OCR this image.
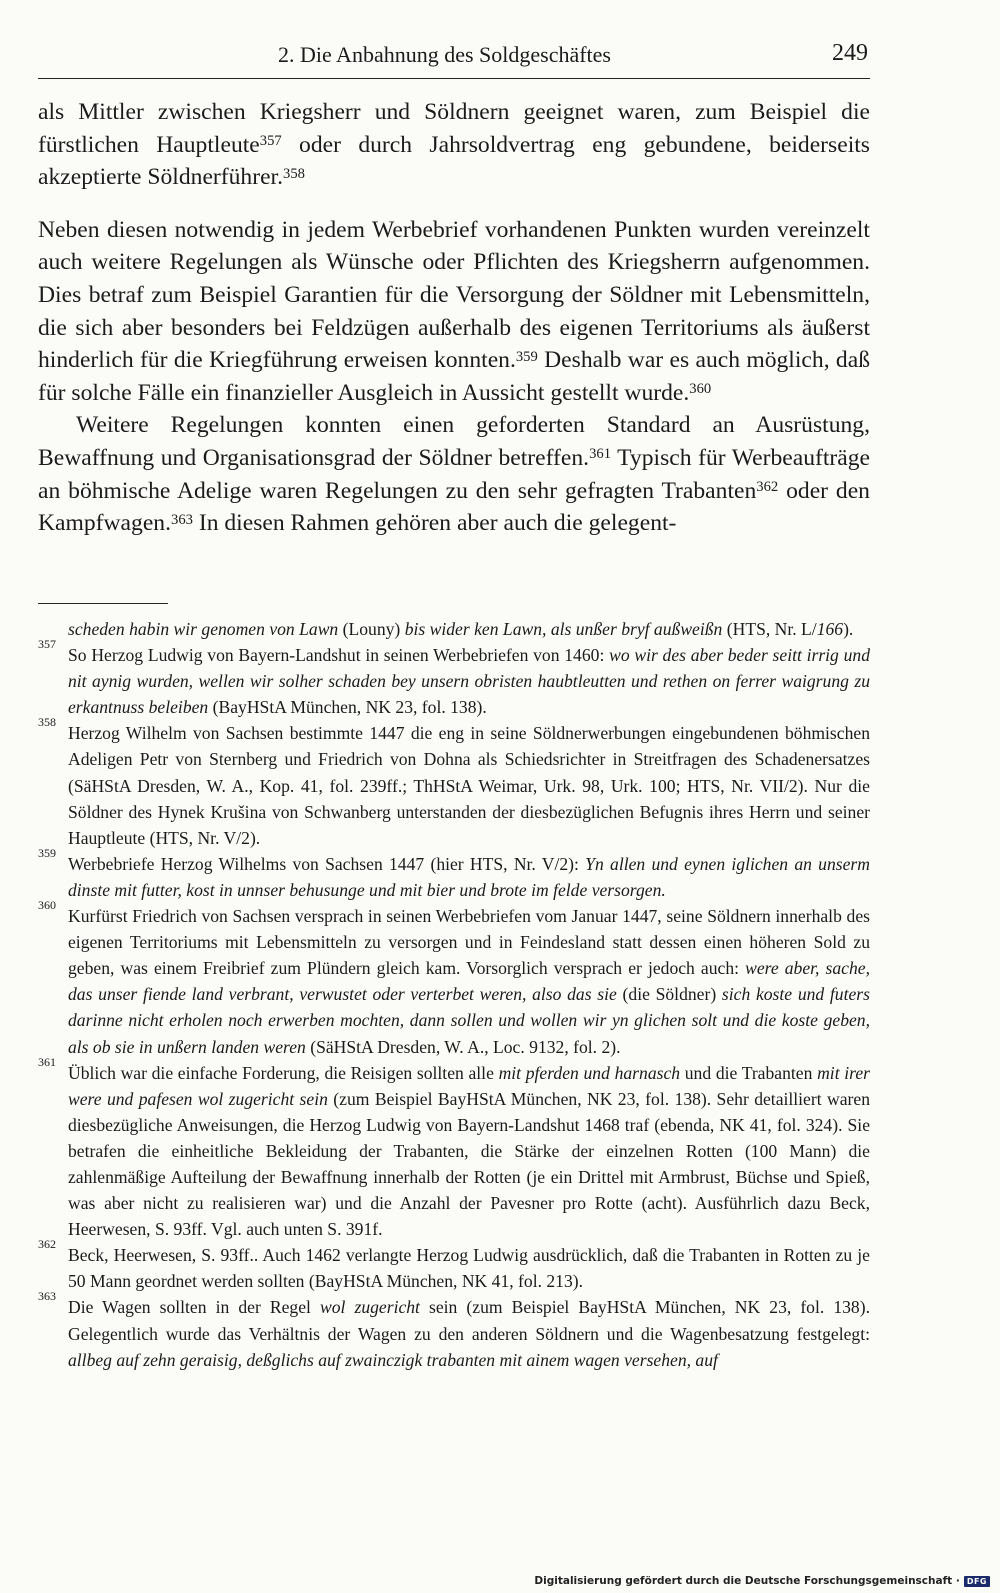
2. Die Anbahnung des Soldgeschäftes	249

als Mittler zwischen Kriegsherr und Söldnern geeignet waren, zum Beispiel die fürstlichen Hauptleute$^{357}$ oder durch Jahrsoldvertrag eng gebundene, beiderseits akzeptierte Söldnerführer.$^{358}$

Neben diesen notwendig in jedem Werbebrief vorhandenen Punkten wurden vereinzelt auch weitere Regelungen als Wünsche oder Pflichten des Kriegsherrn aufgenommen. Dies betraf zum Beispiel Garantien für die Versorgung der Söldner mit Lebensmitteln, die sich aber besonders bei Feldzügen außerhalb des eigenen Territoriums als äußerst hinderlich für die Kriegführung erweisen konnten.$^{359}$ Deshalb war es auch möglich, daß für solche Fälle ein finanzieller Ausgleich in Aussicht gestellt wurde.$^{360}$

Weitere Regelungen konnten einen geforderten Standard an Ausrüstung, Bewaffnung und Organisationsgrad der Söldner betreffen.$^{361}$ Typisch für Werbeaufträge an böhmische Adelige waren Regelungen zu den sehr gefragten Trabanten$^{362}$ oder den Kampfwagen.$^{363}$ In diesen Rahmen gehören aber auch die gelegent-

scheden habin wir genomen von Lawn (Louny) bis wider ken Lawn, als unßer bryf außweißn (HTS, Nr. L/166).

357
So Herzog Ludwig von Bayern-Landshut in seinen Werbebriefen von 1460: wo wir des aber beder seitt irrig und nit aynig wurden, wellen wir solher schaden bey unsern obristen haubtleutten und rethen on ferrer waigrung zu erkantnuss beleiben (BayHStA München, NK 23, fol. 138).

358
Herzog Wilhelm von Sachsen bestimmte 1447 die eng in seine Söldnerwerbungen eingebundenen böhmischen Adeligen Petr von Sternberg und Friedrich von Dohna als Schiedsrichter in Streitfragen des Schadenersatzes (SäHStA Dresden, W. A., Kop. 41, fol. 239ff.; ThHStA Weimar, Urk. 98, Urk. 100; HTS, Nr. VII/2). Nur die Söldner des Hynek Krušina von Schwanberg unterstanden der diesbezüglichen Befugnis ihres Herrn und seiner Hauptleute (HTS, Nr. V/2).

359
Werbebriefe Herzog Wilhelms von Sachsen 1447 (hier HTS, Nr. V/2): Yn allen und eynen iglichen an unserm dinste mit futter, kost in unnser behusunge und mit bier und brote im felde versorgen.

360
Kurfürst Friedrich von Sachsen versprach in seinen Werbebriefen vom Januar 1447, seine Söldnern innerhalb des eigenen Territoriums mit Lebensmitteln zu versorgen und in Feindesland statt dessen einen höheren Sold zu geben, was einem Freibrief zum Plündern gleich kam. Vorsorglich versprach er jedoch auch: were aber, sache, das unser fiende land verbrant, verwustet oder verterbet weren, also das sie (die Söldner) sich koste und futers darinne nicht erholen noch erwerben mochten, dann sollen und wollen wir yn glichen solt und die koste geben, als ob sie in unßern landen weren (SäHStA Dresden, W. A., Loc. 9132, fol. 2).

361
Üblich war die einfache Forderung, die Reisigen sollten alle mit pferden und harnasch und die Trabanten mit irer were und pafesen wol zugericht sein (zum Beispiel BayHStA München, NK 23, fol. 138). Sehr detailliert waren diesbezügliche Anweisungen, die Herzog Ludwig von Bayern-Landshut 1468 traf (ebenda, NK 41, fol. 324). Sie betrafen die einheitliche Bekleidung der Trabanten, die Stärke der einzelnen Rotten (100 Mann) die zahlenmäßige Aufteilung der Bewaffnung innerhalb der Rotten (je ein Drittel mit Armbrust, Büchse und Spieß, was aber nicht zu realisieren war) und die Anzahl der Pavesner pro Rotte (acht). Ausführlich dazu Beck, Heerwesen, S. 93ff. Vgl. auch unten S. 391f.

362
Beck, Heerwesen, S. 93ff.. Auch 1462 verlangte Herzog Ludwig ausdrücklich, daß die Trabanten in Rotten zu je 50 Mann geordnet werden sollten (BayHStA München, NK 41, fol. 213).

363
Die Wagen sollten in der Regel wol zugericht sein (zum Beispiel BayHStA München, NK 23, fol. 138). Gelegentlich wurde das Verhältnis der Wagen zu den anderen Söldnern und die Wagenbesatzung festgelegt: allbeg auf zehn geraisig, deßglichs auf zwainczigk trabanten mit ainem wagen versehen, auf

Digitalisierung gefördert durch die Deutsche Forschungsgemeinschaft · DFG
